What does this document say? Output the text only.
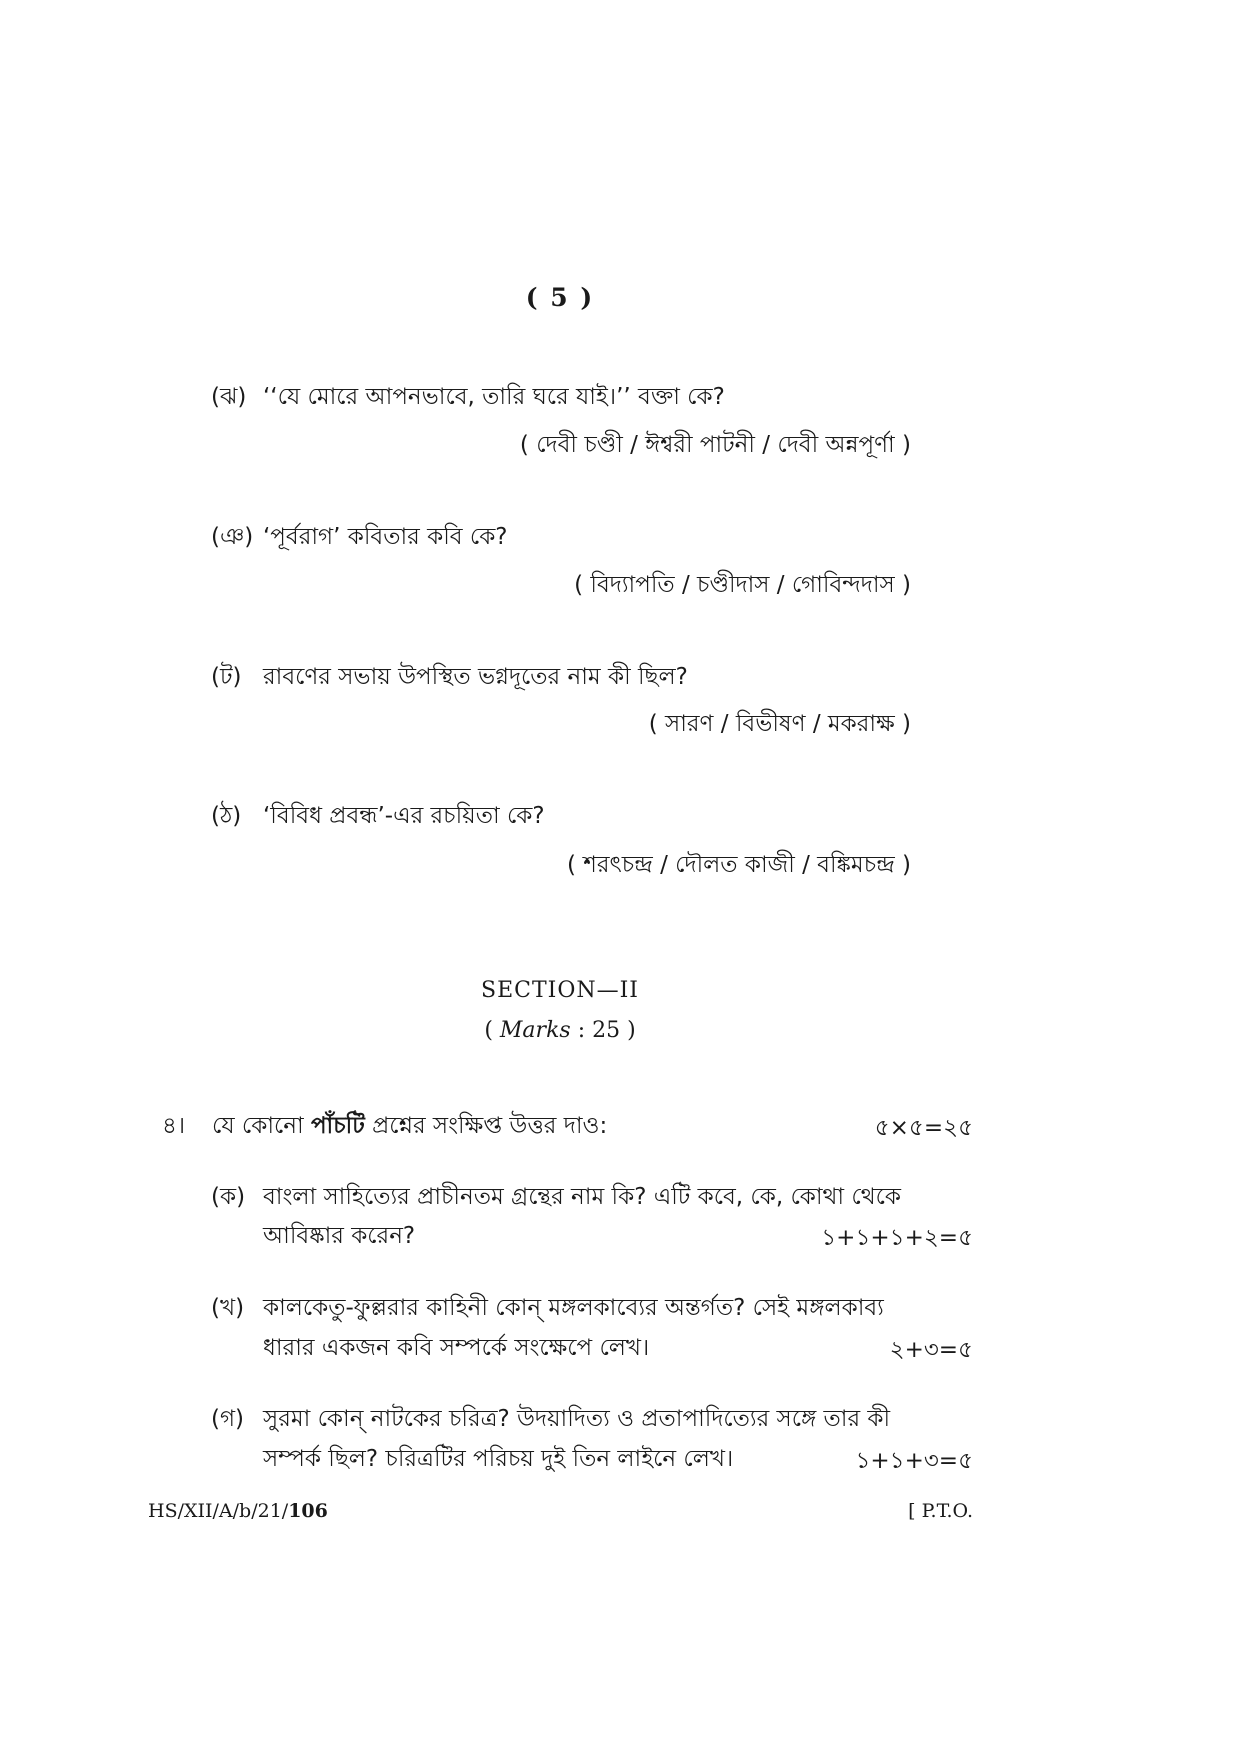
( 5 )
(ঝ) ‘‘যে মোরে আপনভাবে, তারি ঘরে যাই।’’ বক্তা কে?
( দেবী চণ্ডী / ঈশ্বরী পাটনী / দেবী অন্নপূর্ণা )
(ঞ) ‘পূর্বরাগ’ কবিতার কবি কে?
( বিদ্যাপতি / চণ্ডীদাস / গোবিন্দদাস )
(ট) রাবণের সভায় উপস্থিত ভগ্নদূতের নাম কী ছিল?
( সারণ / বিভীষণ / মকরাক্ষ )
(ঠ) ‘বিবিধ প্রবন্ধ’-এর রচয়িতা কে?
( শরৎচন্দ্র / দৌলত কাজী / বঙ্কিমচন্দ্র )
SECTION—II
( Marks : 25 )
৪। যে কোনো পাঁচটি প্রশ্নের সংক্ষিপ্ত উত্তর দাও:	৫×৫=২৫
(ক) বাংলা সাহিত্যের প্রাচীনতম গ্রন্থের নাম কি? এটি কবে, কে, কোথা থেকে
আবিষ্কার করেন?	১+১+১+২=৫
(খ) কালকেতু-ফুল্লরার কাহিনী কোন্ মঙ্গলকাব্যের অন্তর্গত? সেই মঙ্গলকাব্য
ধারার একজন কবি সম্পর্কে সংক্ষেপে লেখ।	২+৩=৫
(গ) সুরমা কোন্ নাটকের চরিত্র? উদয়াদিত্য ও প্রতাপাদিত্যের সঙ্গে তার কী
সম্পর্ক ছিল? চরিত্রটির পরিচয় দুই তিন লাইনে লেখ।	১+১+৩=৫
HS/XII/A/b/21/106	[ P.T.O.
